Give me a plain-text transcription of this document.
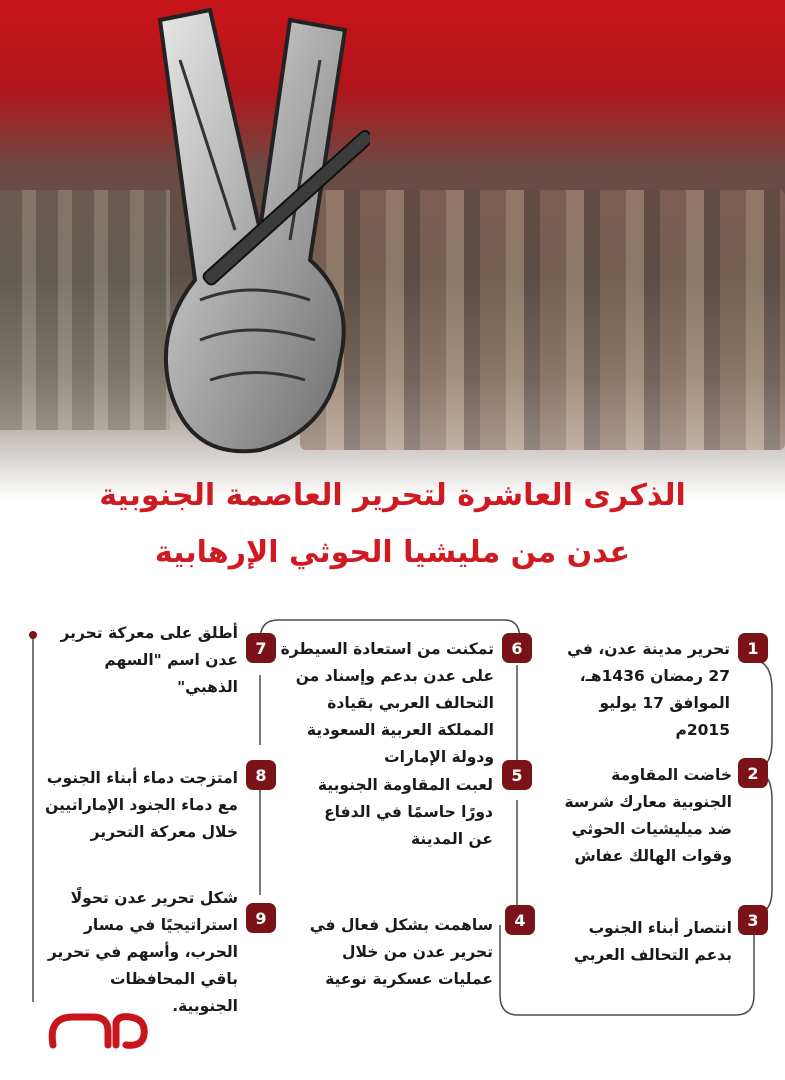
الذكرى العاشرة لتحرير العاصمة الجنوبية
عدن من مليشيا الحوثي الإرهابية
1
2
3
4
5
6
7
8
9
تحرير مدينة عدن، في 27 رمضان 1436هـ، الموافق 17 يوليو 2015م
خاضت المقاومة الجنوبية معارك شرسة ضد ميليشيات الحوثي وقوات الهالك عفاش
انتصار أبناء الجنوب بدعم التحالف العربي
ساهمت بشكل فعال في تحرير عدن من خلال عمليات عسكرية نوعية
لعبت المقاومة الجنوبية دورًا حاسمًا في الدفاع عن المدينة
تمكنت من استعادة السيطرة على عدن بدعم وإسناد من التحالف العربي بقيادة المملكة العربية السعودية ودولة الإمارات
أطلق على معركة تحرير عدن اسم "السهم الذهبي"
امتزجت دماء أبناء الجنوب مع دماء الجنود الإماراتيين خلال معركة التحرير
شكل تحرير عدن تحولًا استراتيجيًا في مسار الحرب، وأسهم في تحرير باقي المحافظات الجنوبية.
عدن
الجنوب
#الذكرى_العاشره_لتحرير_عدن
